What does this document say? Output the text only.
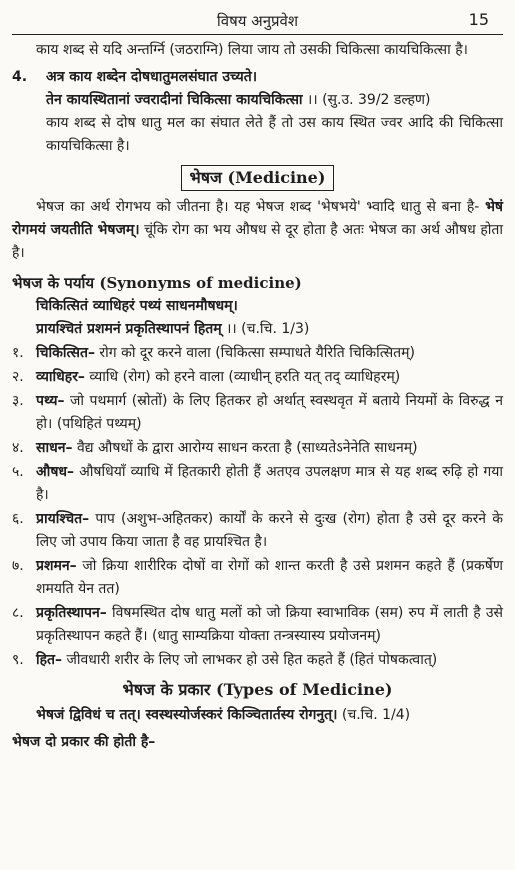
विषय अनुप्रवेश	15

काय शब्द से यदि अन्तर्ग्नि (जठराग्नि) लिया जाय तो उसकी चिकित्सा कायचिकित्सा है।

4.	अत्र काय शब्देन दोषधातुमलसंघात उच्यते।
तेन कायस्थितानां ज्वरादीनां चिकित्सा कायचिकित्सा ।। (सु.उ. 39/2 डल्हण)

काय शब्द से दोष धातु मल का संघात लेते हैं तो उस काय स्थित ज्वर आदि की चिकित्सा कायचिकित्सा है।

भेषज (Medicine)

भेषज का अर्थ रोगभय को जीतना है। यह भेषज शब्द 'भेषभये' भ्वादि धातु से बना है- भेषं रोगमयं जयतीति भेषजम्। चूंकि रोग का भय औषध से दूर होता है अतः भेषज का अर्थ औषध होता है।

भेषज के पर्याय (Synonyms of medicine)
चिकित्सितं व्याधिहरं पथ्यं साधनमौषधम्।
प्रायश्चितं प्रशमनं प्रकृतिस्थापनं हितम् ।। (च.चि. 1/3)
१. चिकित्सित– रोग को दूर करने वाला (चिकित्सा सम्पाधते यैरिति चिकित्सितम्)
२. व्याधिहर– व्याधि (रोग) को हरने वाला (व्याधीन् हरति यत् तद् व्याधिहरम्)
३. पथ्य– जो पथमार्ग (स्रोतों) के लिए हितकर हो अर्थात् स्वस्थवृत में बताये नियमों के विरुद्ध न हो। (पथिहितं पथ्यम्)
४. साधन– वैद्य औषधों के द्वारा आरोग्य साधन करता है (साध्यतेऽनेनेति साधनम्)
५. औषध– औषधियाँ व्याधि में हितकारी होती हैं अतएव उपलक्षण मात्र से यह शब्द रुढ़ि हो गया है।
६. प्रायश्चित– पाप (अशुभ-अहितकर) कार्यों के करने से दुःख (रोग) होता है उसे दूर करने के लिए जो उपाय किया जाता है वह प्रायश्चित है।
७. प्रशमन– जो क्रिया शारीरिक दोषों वा रोगों को शान्त करती है उसे प्रशमन कहते हैं (प्रकर्षेण शमयति येन तत)
८. प्रकृतिस्थापन– विषमस्थित दोष धातु मलों को जो क्रिया स्वाभाविक (सम) रुप में लाती है उसे प्रकृतिस्थापन कहते हैं। (धातु साम्यक्रिया योक्ता तन्त्रस्यास्य प्रयोजनम्)
९. हित– जीवधारी शरीर के लिए जो लाभकर हो उसे हित कहते हैं (हितं पोषकत्वात्)
भेषज के प्रकार (Types of Medicine)

भेषजं द्विविधं च तत्। स्वस्थस्योर्जस्करं किञ्चितार्तस्य रोगनुत्। (च.चि. 1/4)

भेषज दो प्रकार की होती है–
